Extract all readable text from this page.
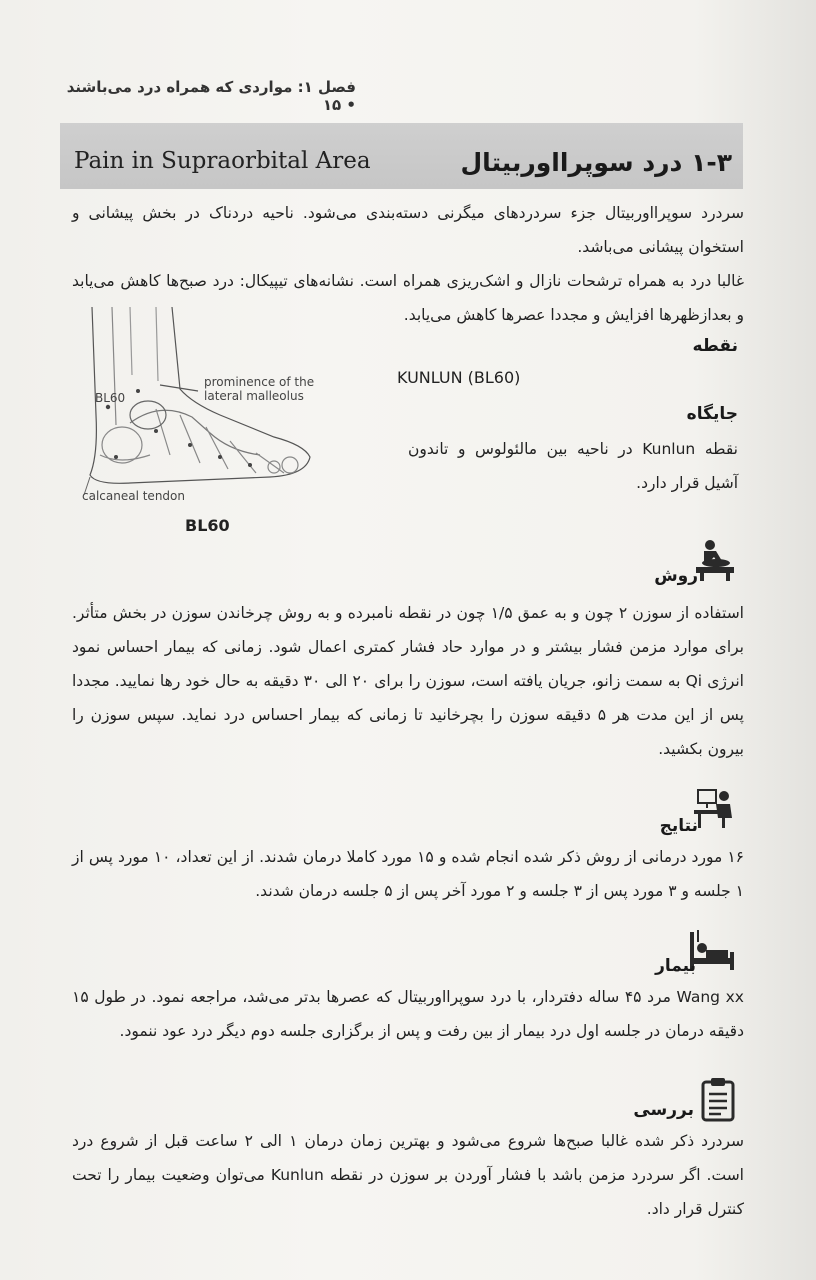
فصل ۱: مواردی که همراه درد می‌باشند • ۱۵
Pain in Supraorbital Area	۱-۳ درد سوپرااوربیتال
سردرد سوپرااوربیتال جزء سردردهای میگرنی دسته‌بندی می‌شود. ناحیه دردناک در بخش پیشانی و استخوان پیشانی می‌باشد.
غالبا درد به همراه ترشحات نازال و اشک‌ریزی همراه است. نشانه‌های تیپیکال: درد صبح‌ها کاهش می‌یابد و بعدازظهرها افزایش و مجددا عصرها کاهش می‌یابد.
نقطه
KUNLUN (BL60)
BL60
prominence of the lateral malleolus
calcaneal tendon
BL60
جایگاه
نقطه Kunlun در ناحیه بین مالئولوس و تاندون آشیل قرار دارد.
روش
استفاده از سوزن ۲ چون و به عمق ۱/۵ چون در نقطه نامبرده و به روش چرخاندن سوزن در بخش متأثر. برای موارد مزمن فشار بیشتر و در موارد حاد فشار کمتری اعمال شود. زمانی که بیمار احساس نمود انرژی Qi به سمت زانو، جریان یافته است، سوزن را برای ۲۰ الی ۳۰ دقیقه به حال خود رها نمایید. مجددا پس از این مدت هر ۵ دقیقه سوزن را بچرخانید تا زمانی که بیمار احساس درد نماید. سپس سوزن را بیرون بکشید.
نتایج
۱۶ مورد درمانی از روش ذکر شده انجام شده و ۱۵ مورد کاملا درمان شدند. از این تعداد، ۱۰ مورد پس از ۱ جلسه و ۳ مورد پس از ۳ جلسه و ۲ مورد آخر پس از ۵ جلسه درمان شدند.
بیمار
Wang xx مرد ۴۵ ساله دفتردار، با درد سوپرااوربیتال که عصرها بدتر می‌شد، مراجعه نمود. در طول ۱۵ دقیقه درمان در جلسه اول درد بیمار از بین رفت و پس از برگزاری جلسه دوم دیگر درد عود ننمود.
بررسی
سردرد ذکر شده غالبا صبح‌ها شروع می‌شود و بهترین زمان درمان ۱ الی ۲ ساعت قبل از شروع درد است. اگر سردرد مزمن باشد با فشار آوردن بر سوزن در نقطه Kunlun می‌توان وضعیت بیمار را تحت کنترل قرار داد.
